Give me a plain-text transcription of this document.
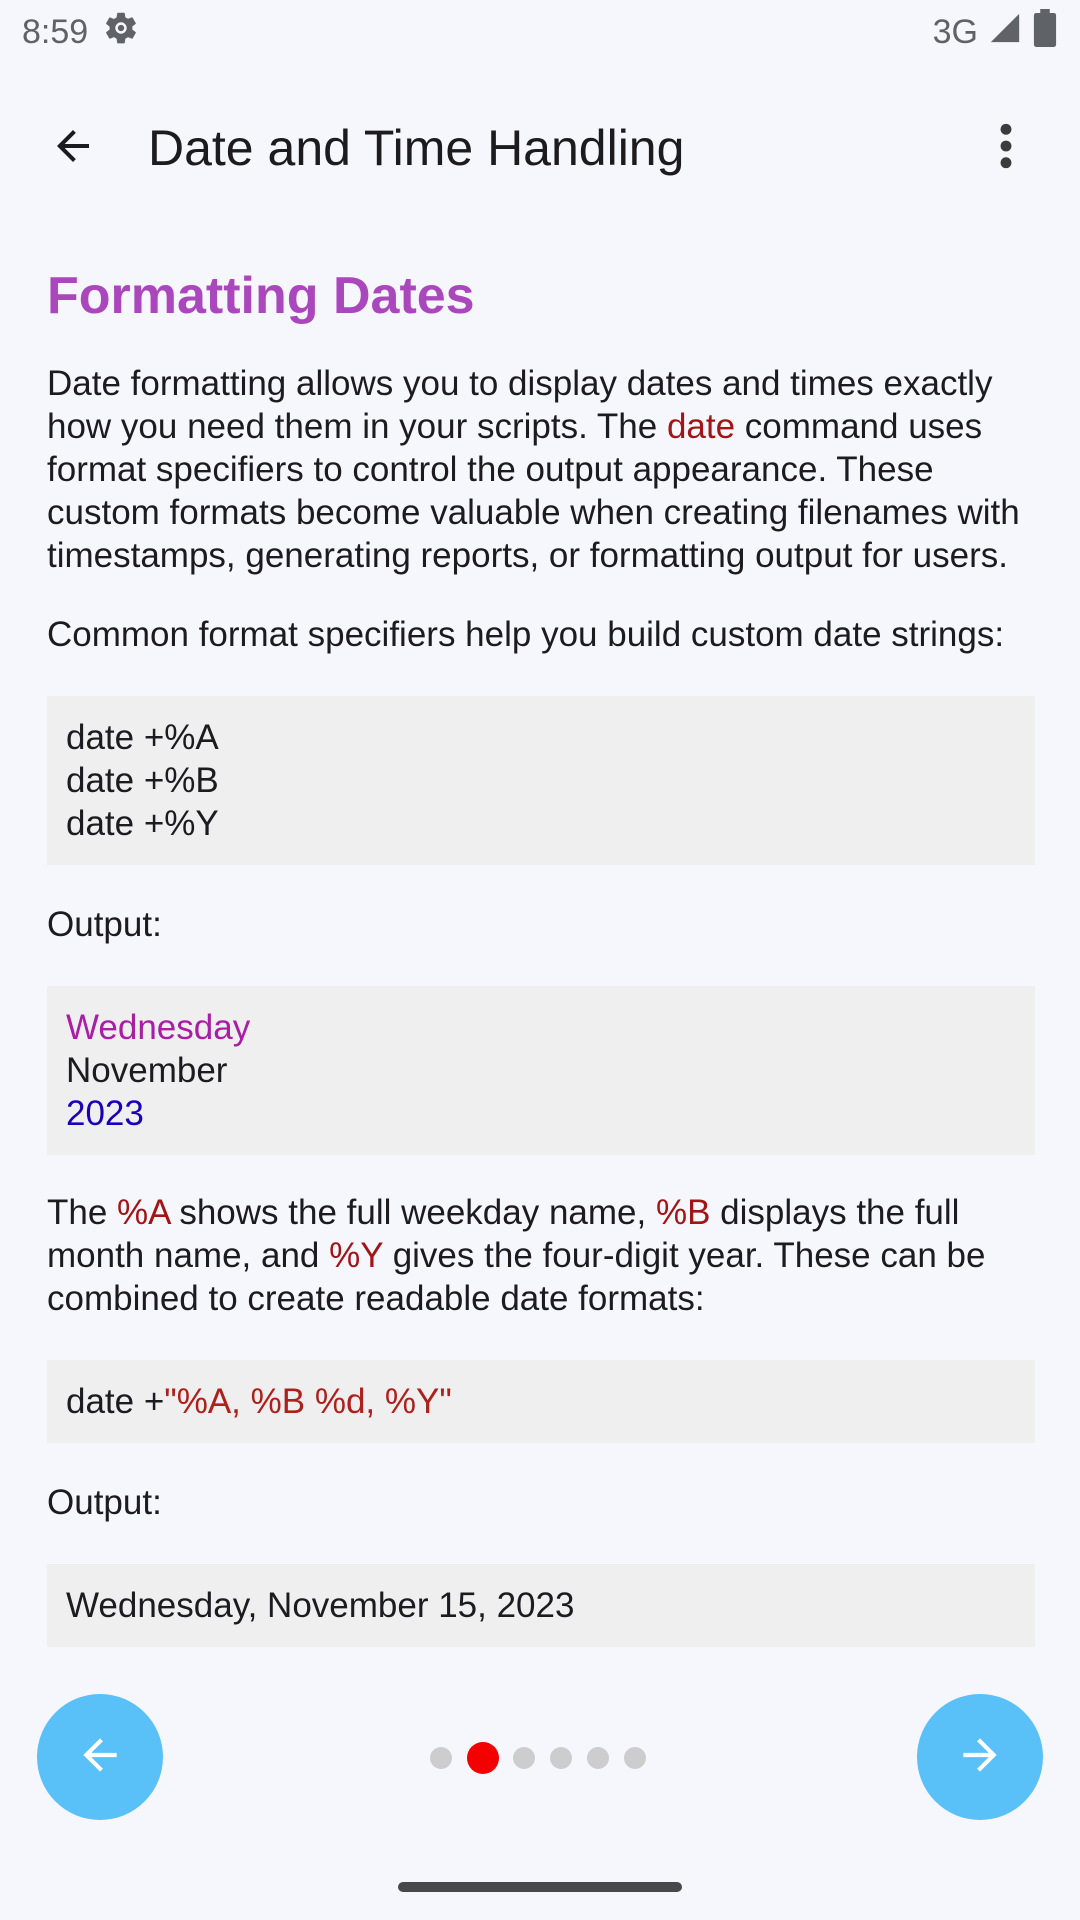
8:59	3G
Date and Time Handling
Formatting Dates

Date formatting allows you to display dates and times exactly how you need them in your scripts. The date command uses format specifiers to control the output appearance. These custom formats become valuable when creating filenames with timestamps, generating reports, or formatting output for users.

Common format specifiers help you build custom date strings:

date +%A
date +%B
date +%Y
Output:
Wednesday
November
2023

The %A shows the full weekday name, %B displays the full month name, and %Y gives the four-digit year. These can be combined to create readable date formats:

date +"%A, %B %d, %Y"
Output:
Wednesday, November 15, 2023
